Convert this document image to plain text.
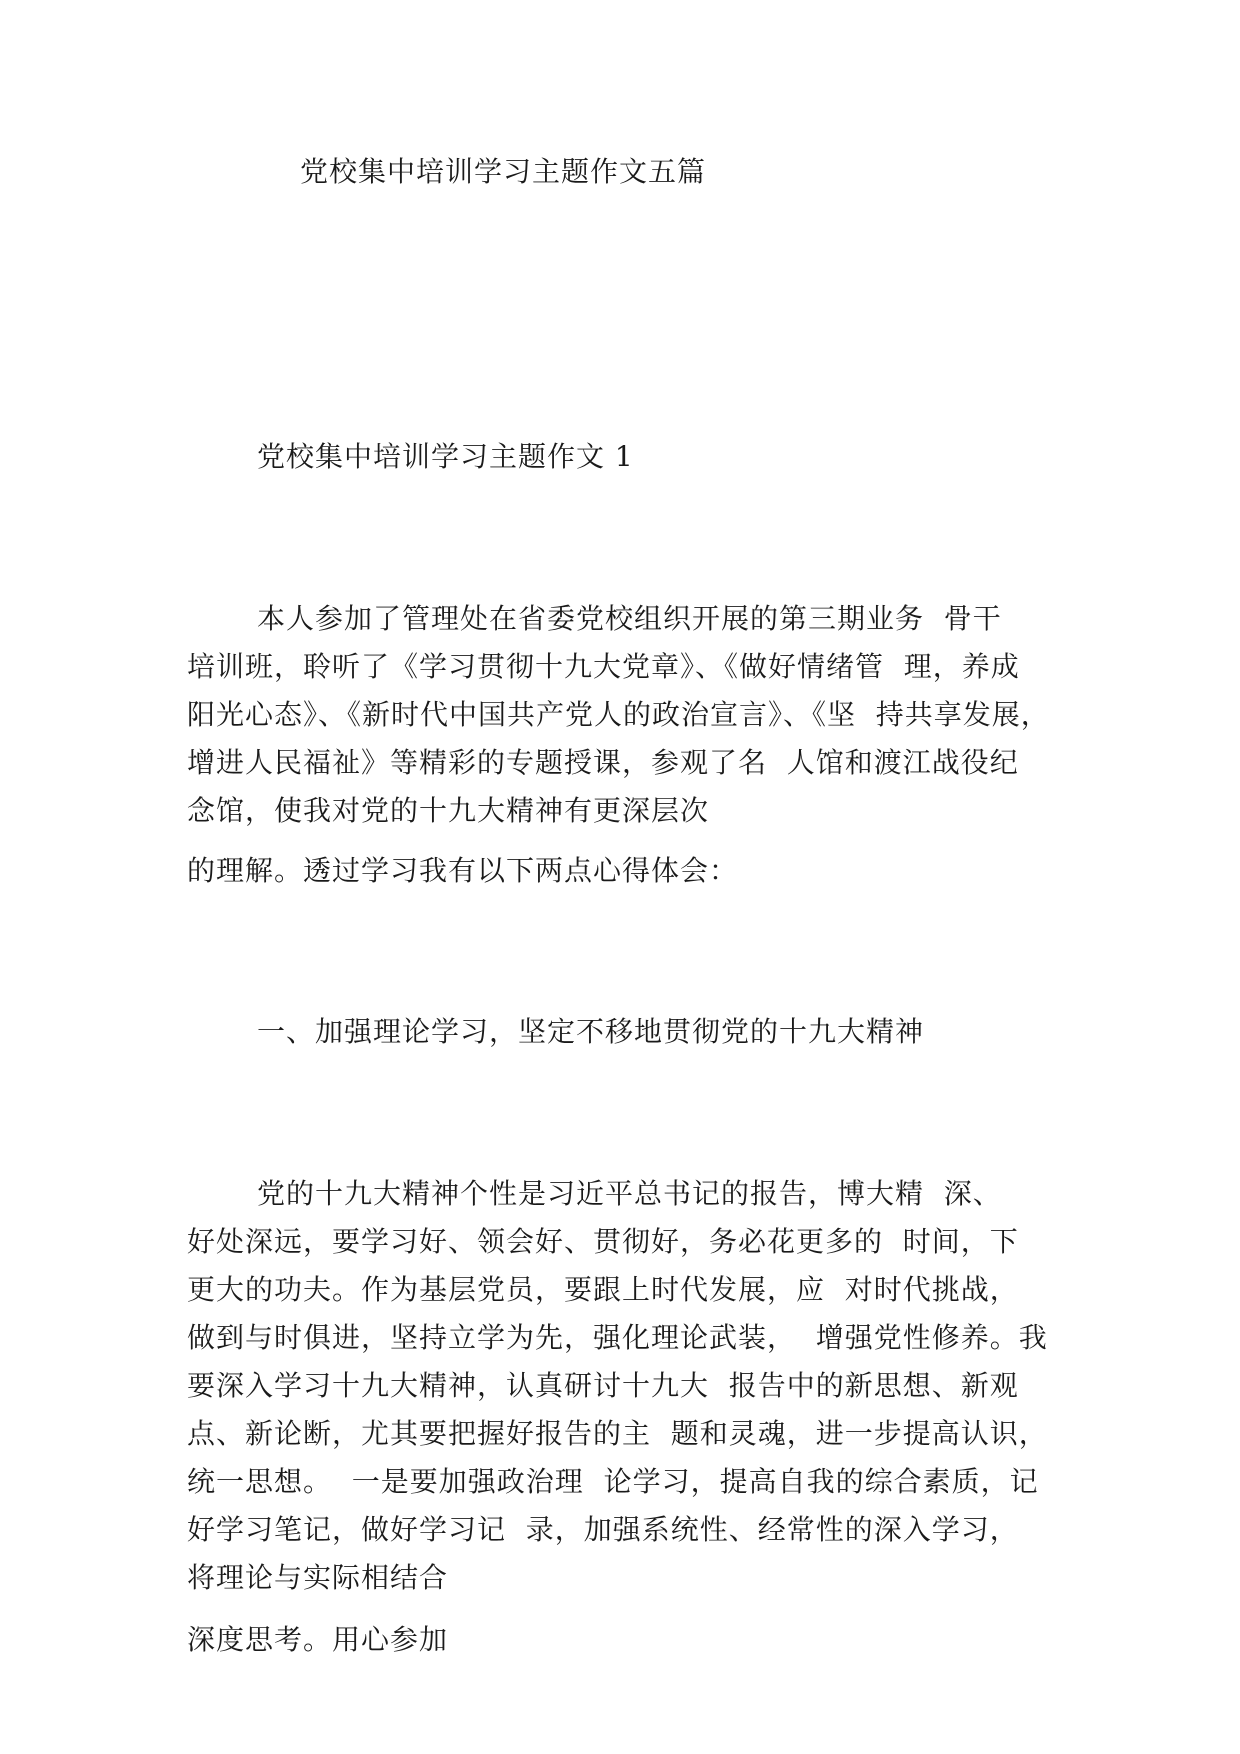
党校集中培训学习主题作文五篇
党校集中培训学习主题作文 1
本人参加了管理处在省委党校组织开展的第三期业务  骨干
培训班，聆听了《学习贯彻十九大党章》、《做好情绪管  理，养成
阳光心态》、《新时代中国共产党人的政治宣言》、《坚  持共享发展，
增进人民福祉》等精彩的专题授课，参观了名  人馆和渡江战役纪
念馆，使我对党的十九大精神有更深层次
的理解。透过学习我有以下两点心得体会：
一、加强理论学习，坚定不移地贯彻党的十九大精神
党的十九大精神个性是习近平总书记的报告，博大精  深、
好处深远，要学习好、领会好、贯彻好，务必花更多的  时间，下
更大的功夫。作为基层党员，要跟上时代发展，应  对时代挑战，
做到与时俱进，坚持立学为先，强化理论武装，  增强党性修养。我
要深入学习十九大精神，认真研讨十九大  报告中的新思想、新观
点、新论断，尤其要把握好报告的主  题和灵魂，进一步提高认识，
统一思想。  一是要加强政治理  论学习，提高自我的综合素质，记
好学习笔记，做好学习记  录，加强系统性、经常性的深入学习，
将理论与实际相结合
深度思考。用心参加
